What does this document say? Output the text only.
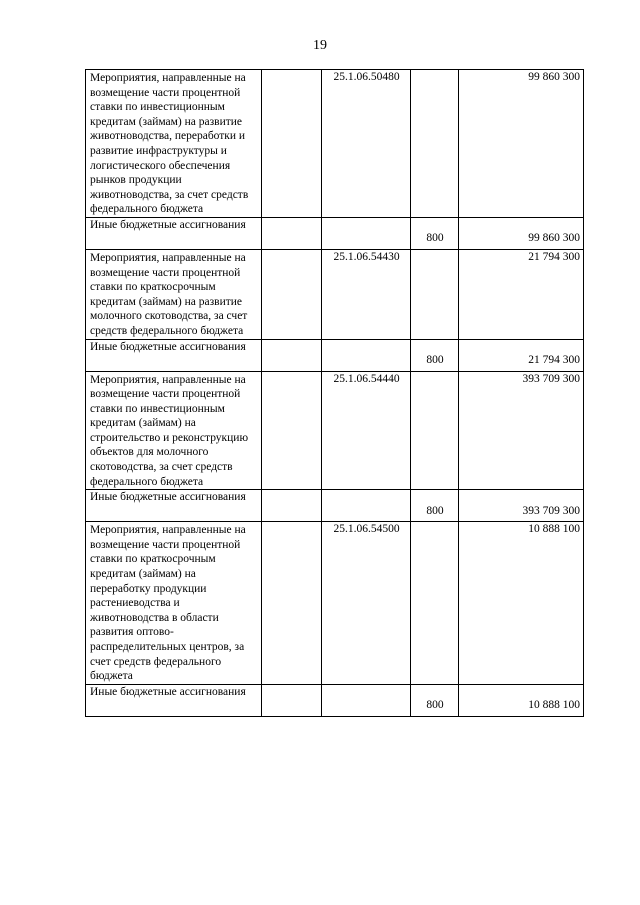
19
Мероприятия, направленные на возмещение части процентной ставки по инвестиционным кредитам (займам) на развитие животноводства, переработки и развитие инфраструктуры и логистического обеспечения рынков продукции животноводства, за счет средств федерального бюджета		25.1.06.50480		99 860 300
Иные бюджетные ассигнования			800	99 860 300
Мероприятия, направленные на возмещение части процентной ставки по краткосрочным кредитам (займам) на развитие молочного скотоводства, за счет средств федерального бюджета		25.1.06.54430		21 794 300
Иные бюджетные ассигнования			800	21 794 300
Мероприятия, направленные на возмещение части процентной ставки по инвестиционным кредитам (займам) на строительство и реконструкцию объектов для молочного скотоводства, за счет средств федерального бюджета		25.1.06.54440		393 709 300
Иные бюджетные ассигнования			800	393 709 300
Мероприятия, направленные на возмещение части процентной ставки по краткосрочным кредитам (займам) на переработку продукции растениеводства и животноводства в области развития оптово-распределительных центров, за счет средств федерального бюджета		25.1.06.54500		10 888 100
Иные бюджетные ассигнования			800	10 888 100
